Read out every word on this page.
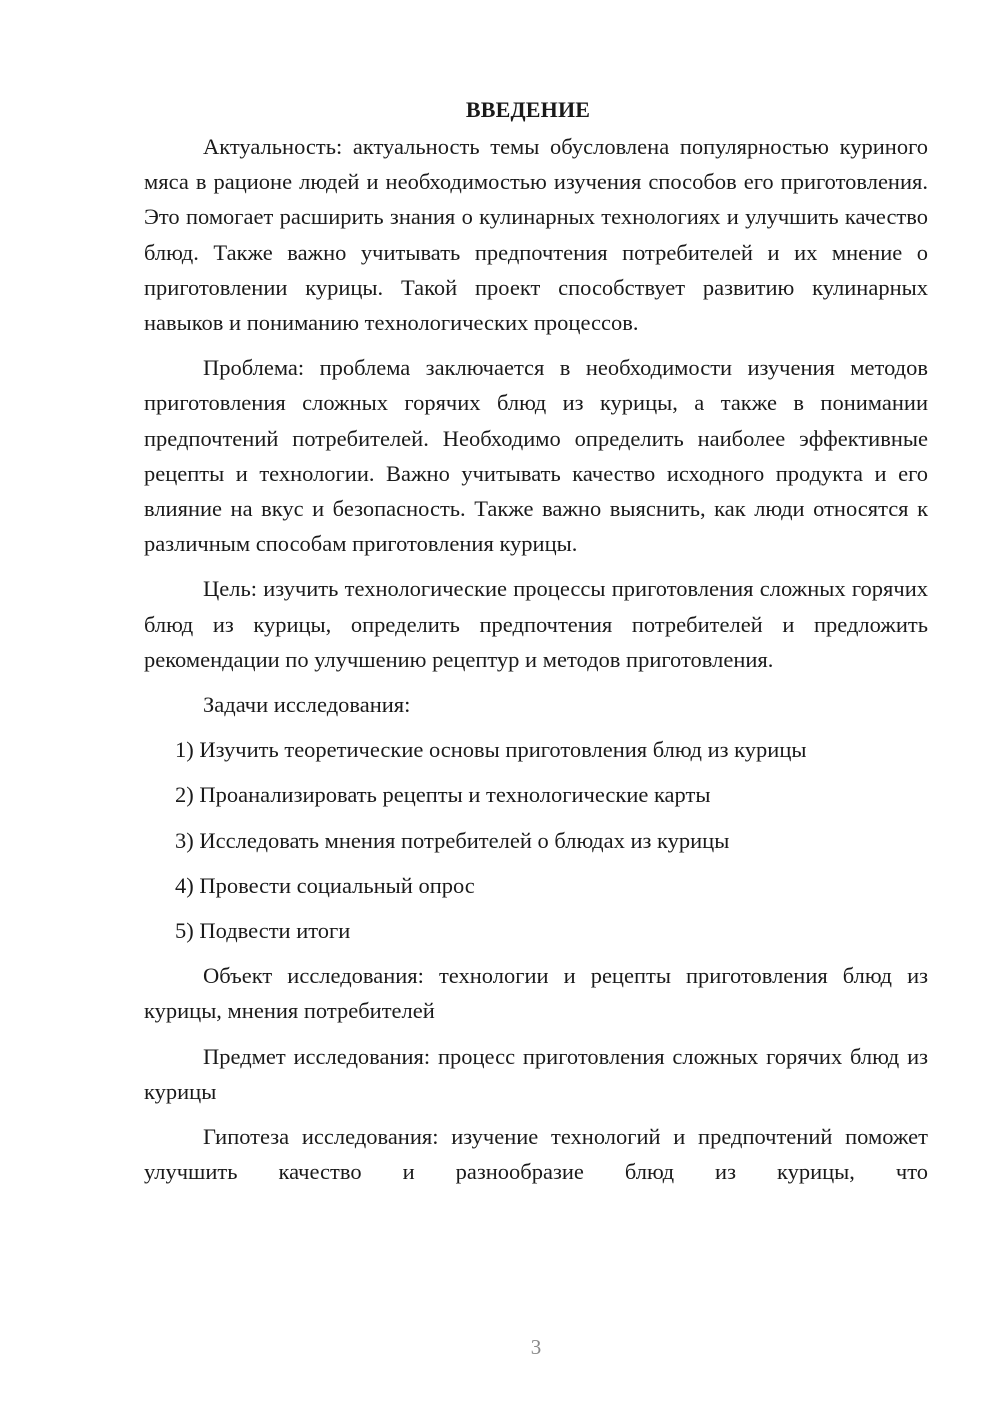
ВВЕДЕНИЕ

Актуальность: актуальность темы обусловлена популярностью куриного мяса в рационе людей и необходимостью изучения способов его приготовления. Это помогает расширить знания о кулинарных технологиях и улучшить качество блюд. Также важно учитывать предпочтения потребителей и их мнение о приготовлении курицы. Такой проект способствует развитию кулинарных навыков и пониманию технологических процессов.

Проблема: проблема заключается в необходимости изучения методов приготовления сложных горячих блюд из курицы, а также в понимании предпочтений потребителей. Необходимо определить наиболее эффективные рецепты и технологии. Важно учитывать качество исходного продукта и его влияние на вкус и безопасность. Также важно выяснить, как люди относятся к различным способам приготовления курицы.

Цель: изучить технологические процессы приготовления сложных горячих блюд из курицы, определить предпочтения потребителей и предложить рекомендации по улучшению рецептур и методов приготовления.

Задачи исследования:

1) Изучить теоретические основы приготовления блюд из курицы

2) Проанализировать рецепты и технологические карты

3) Исследовать мнения потребителей о блюдах из курицы

4) Провести социальный опрос

5) Подвести итоги

Объект исследования: технологии и рецепты приготовления блюд из курицы, мнения потребителей

Предмет исследования: процесс приготовления сложных горячих блюд из курицы

Гипотеза исследования: изучение технологий и предпочтений поможет улучшить качество и разнообразие блюд из курицы, что

3
